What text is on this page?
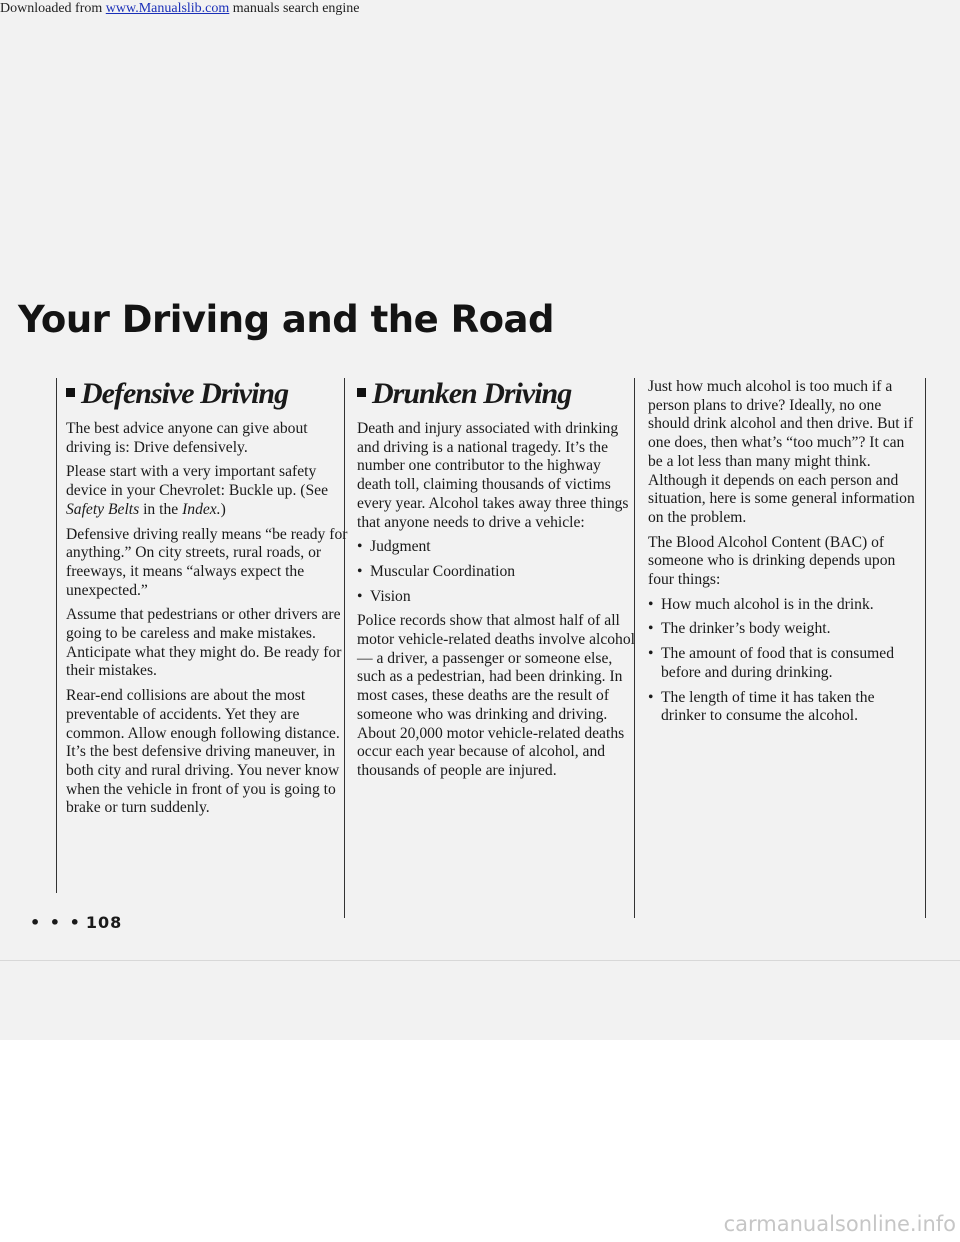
Downloaded from www.Manualslib.com manuals search engine
Your Driving and the Road
Defensive Driving

The best advice anyone can give about driving is: Drive defensively.

Please start with a very important safety device in your Chevrolet: Buckle up. (See Safety Belts in the Index.)

Defensive driving really means “be ready for anything.” On city streets, rural roads, or freeways, it means “always expect the unexpected.”

Assume that pedestrians or other drivers are going to be careless and make mistakes. Anticipate what they might do. Be ready for their mistakes.

Rear-end collisions are about the most preventable of accidents. Yet they are common. Allow enough following distance. It’s the best defensive driving maneuver, in both city and rural driving. You never know when the vehicle in front of you is going to brake or turn suddenly.

Drunken Driving

Death and injury associated with drinking and driving is a national tragedy. It’s the number one contributor to the highway death toll, claiming thousands of victims every year. Alcohol takes away three things that anyone needs to drive a vehicle:

• Judgment

• Muscular Coordination

• Vision

Police records show that almost half of all motor vehicle-related deaths involve alcohol — a driver, a passenger or someone else, such as a pedestrian, had been drinking. In most cases, these deaths are the result of someone who was drinking and driving. About 20,000 motor vehicle-related deaths occur each year because of alcohol, and thousands of people are injured.

Just how much alcohol is too much if a person plans to drive? Ideally, no one should drink alcohol and then drive. But if one does, then what’s “too much”? It can be a lot less than many might think. Although it depends on each person and situation, here is some general information on the problem.

The Blood Alcohol Content (BAC) of someone who is drinking depends upon four things:

• How much alcohol is in the drink.

• The drinker’s body weight.

• The amount of food that is consumed before and during drinking.

• The length of time it has taken the drinker to consume the alcohol.

• • • 108
carmanualsonline.info
